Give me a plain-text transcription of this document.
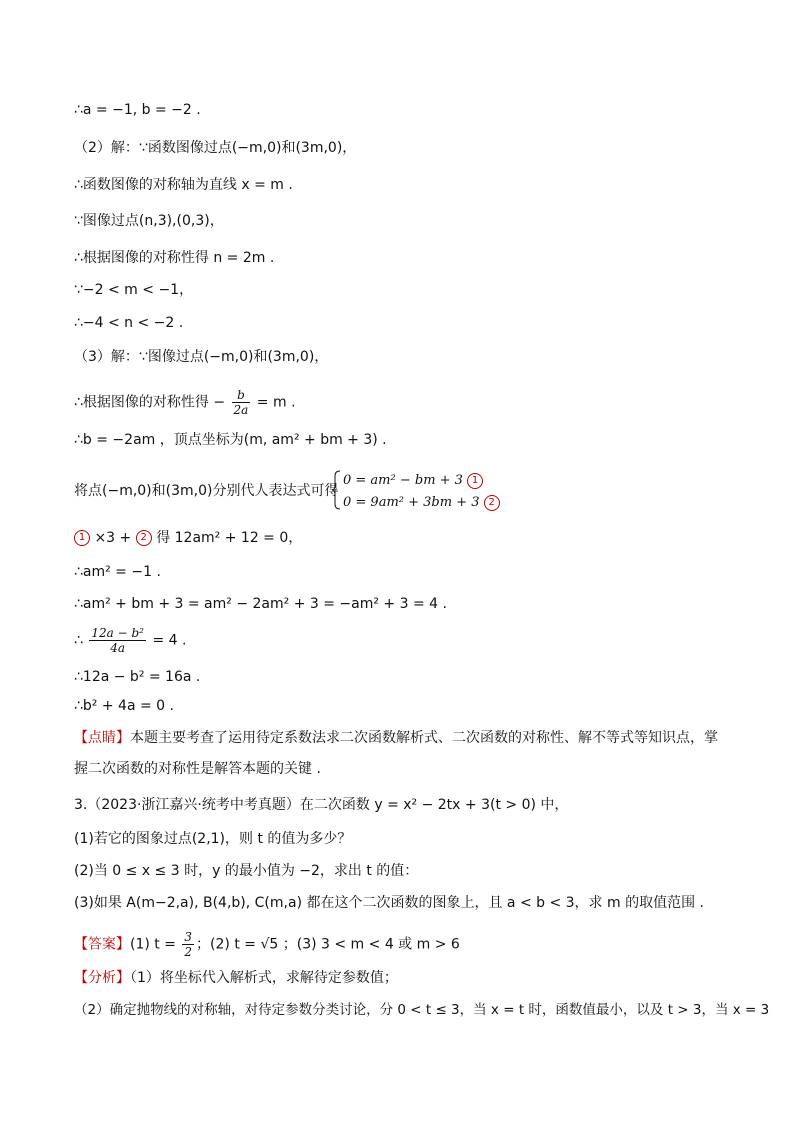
∴a = −1, b = −2 .
（2）解：∵函数图像过点(−m,0)和(3m,0)，
∴函数图像的对称轴为直线 x = m .
∵图像过点(n,3),(0,3)，
∴根据图像的对称性得 n = 2m .
∵−2 < m < −1，
∴−4 < n < −2 .
（3）解：∵图像过点(−m,0)和(3m,0)，
∴根据图像的对称性得 − $\frac{b}{2a} = m$ .
∴b = −2am ，顶点坐标为(m, am² + bm + 3) .
将点(−m,0)和(3m,0)分别代人表达式可得
0 = am² − bm + 3 1
0 = 9am² + 3bm + 3 2
1 ×3 + 2 得 12am² + 12 = 0，
∴am² = −1 .
∴am² + bm + 3 = am² − 2am² + 3 = −am² + 3 = 4 .
∴ $\frac{\text{12a − b²}}{4a} = 4$ .
∴12a − b² = 16a .
∴b² + 4a = 0 .
【点睛】本题主要考查了运用待定系数法求二次函数解析式、二次函数的对称性、解不等式等知识点，掌
握二次函数的对称性是解答本题的关键 .
3.（2023·浙江嘉兴·统考中考真题）在二次函数 y = x² − 2tx + 3(t > 0) 中，
(1)若它的图象过点(2,1)，则 t 的值为多少？
(2)当 0 ≤ x ≤ 3 时，y 的最小值为 −2，求出 t 的值：
(3)如果 A(m−2,a), B(4,b), C(m,a) 都在这个二次函数的图象上，且 a < b < 3，求 m 的取值范围 .
【答案】(1) $t = \frac{3}{2}$ ；(2) t = √5 ；(3) 3 < m < 4 或 m > 6
【分析】（1）将坐标代入解析式，求解待定参数值；
（2）确定抛物线的对称轴，对待定参数分类讨论，分 0 < t ≤ 3，当 x = t 时，函数值最小，以及 t > 3，当 x = 3
